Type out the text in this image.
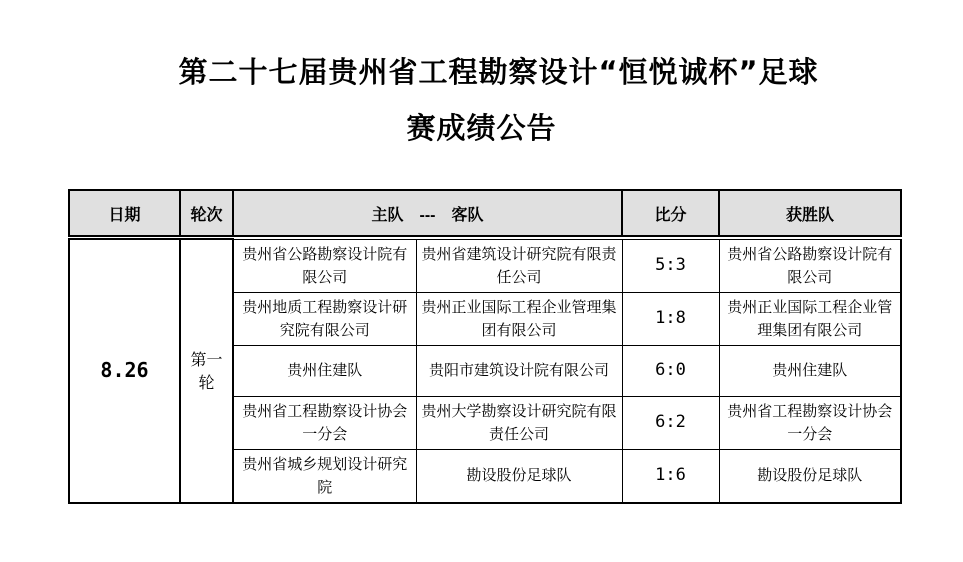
第二十七届贵州省工程勘察设计“恒悦诚杯”足球
赛成绩公告
日期	轮次	主队 --- 客队		比分	获胜队

8.26	第一轮	贵州省公路勘察设计院有限公司	贵州省建筑设计研究院有限责任公司	5:3	贵州省公路勘察设计院有限公司
		贵州地质工程勘察设计研究院有限公司	贵州正业国际工程企业管理集团有限公司	1:8	贵州正业国际工程企业管理集团有限公司
		贵州住建队	贵阳市建筑设计院有限公司	6:0	贵州住建队
		贵州省工程勘察设计协会一分会	贵州大学勘察设计研究院有限责任公司	6:2	贵州省工程勘察设计协会一分会
		贵州省城乡规划设计研究院	勘设股份足球队	1:6	勘设股份足球队
